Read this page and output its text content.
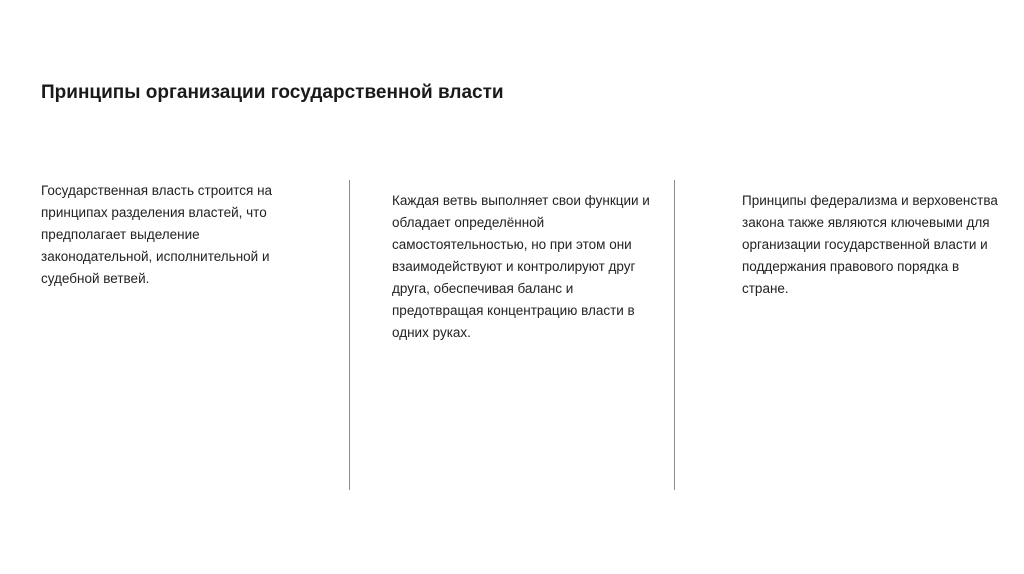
Принципы организации государственной власти

Государственная власть строится на принципах разделения властей, что предполагает выделение законодательной, исполнительной и судебной ветвей.

Каждая ветвь выполняет свои функции и обладает определённой самостоятельностью, но при этом они взаимодействуют и контролируют друг друга, обеспечивая баланс и предотвращая концентрацию власти в одних руках.

Принципы федерализма и верховенства закона также являются ключевыми для организации государственной власти и поддержания правового порядка в стране.
